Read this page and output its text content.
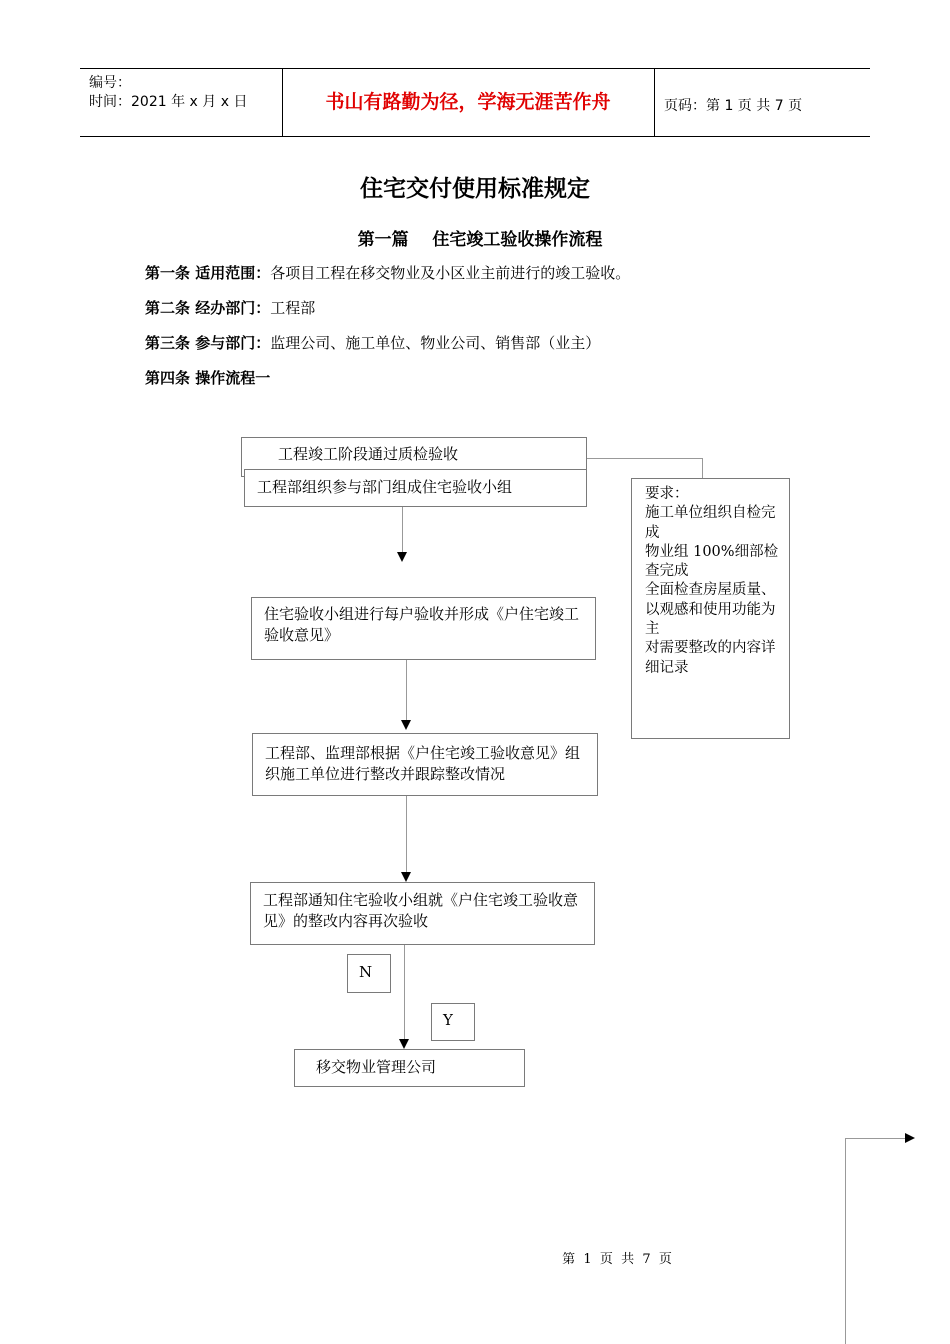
编号：
时间：2021 年 x 月 x 日	书山有路勤为径，学海无涯苦作舟	页码：第 1 页 共 7 页
住宅交付使用标准规定
第一篇    住宅竣工验收操作流程
第一条 适用范围：各项目工程在移交物业及小区业主前进行的竣工验收。
第二条 经办部门：工程部
第三条 参与部门：监理公司、施工单位、物业公司、销售部（业主）
第四条 操作流程一
工程竣工阶段通过质检验收
工程部组织参与部门组成住宅验收小组
住宅验收小组进行每户验收并形成《户住宅竣工验收意见》
工程部、监理部根据《户住宅竣工验收意见》组织施工单位进行整改并跟踪整改情况
工程部通知住宅验收小组就《户住宅竣工验收意见》的整改内容再次验收
N
Y
移交物业管理公司
要求：
施工单位组织自检完成
物业组 100%细部检查完成
全面检查房屋质量、以观感和使用功能为主
对需要整改的内容详细记录
第  1  页  共  7  页
